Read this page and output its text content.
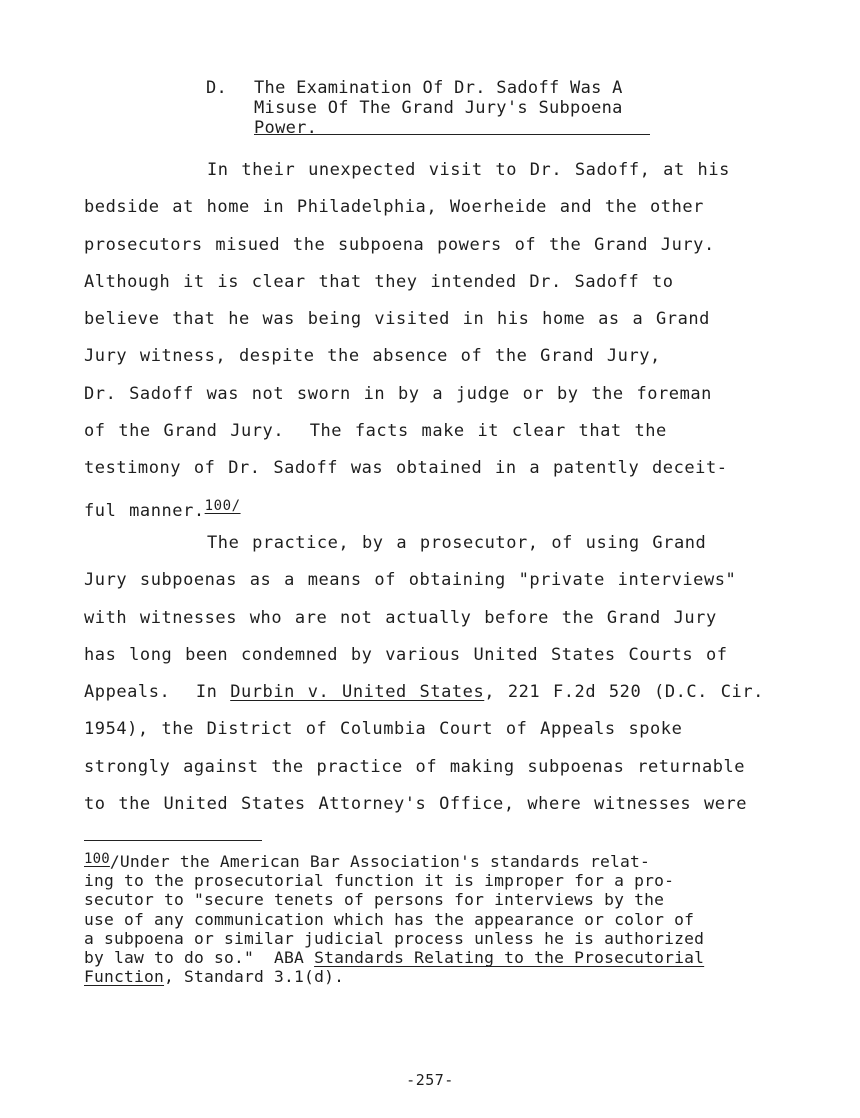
D. The Examination Of Dr. Sadoff Was A
Misuse Of The Grand Jury's Subpoena
Power.
In their unexpected visit to Dr. Sadoff, at his
bedside at home in Philadelphia, Woerheide and the other
prosecutors misued the subpoena powers of the Grand Jury.
Although it is clear that they intended Dr. Sadoff to
believe that he was being visited in his home as a Grand
Jury witness, despite the absence of the Grand Jury,
Dr. Sadoff was not sworn in by a judge or by the foreman
of the Grand Jury.  The facts make it clear that the
testimony of Dr. Sadoff was obtained in a patently deceit-
ful manner.$^{100/}$
The practice, by a prosecutor, of using Grand
Jury subpoenas as a means of obtaining "private interviews"
with witnesses who are not actually before the Grand Jury
has long been condemned by various United States Courts of
Appeals.  In Durbin v. United States, 221 F.2d 520 (D.C. Cir.
1954), the District of Columbia Court of Appeals spoke
strongly against the practice of making subpoenas returnable
to the United States Attorney's Office, where witnesses were
100/Under the American Bar Association's standards relat-
ing to the prosecutorial function it is improper for a pro-
secutor to "secure tenets of persons for interviews by the
use of any communication which has the appearance or color of
a subpoena or similar judicial process unless he is authorized
by law to do so."  ABA Standards Relating to the Prosecutorial
Function, Standard 3.1(d).
-257-
